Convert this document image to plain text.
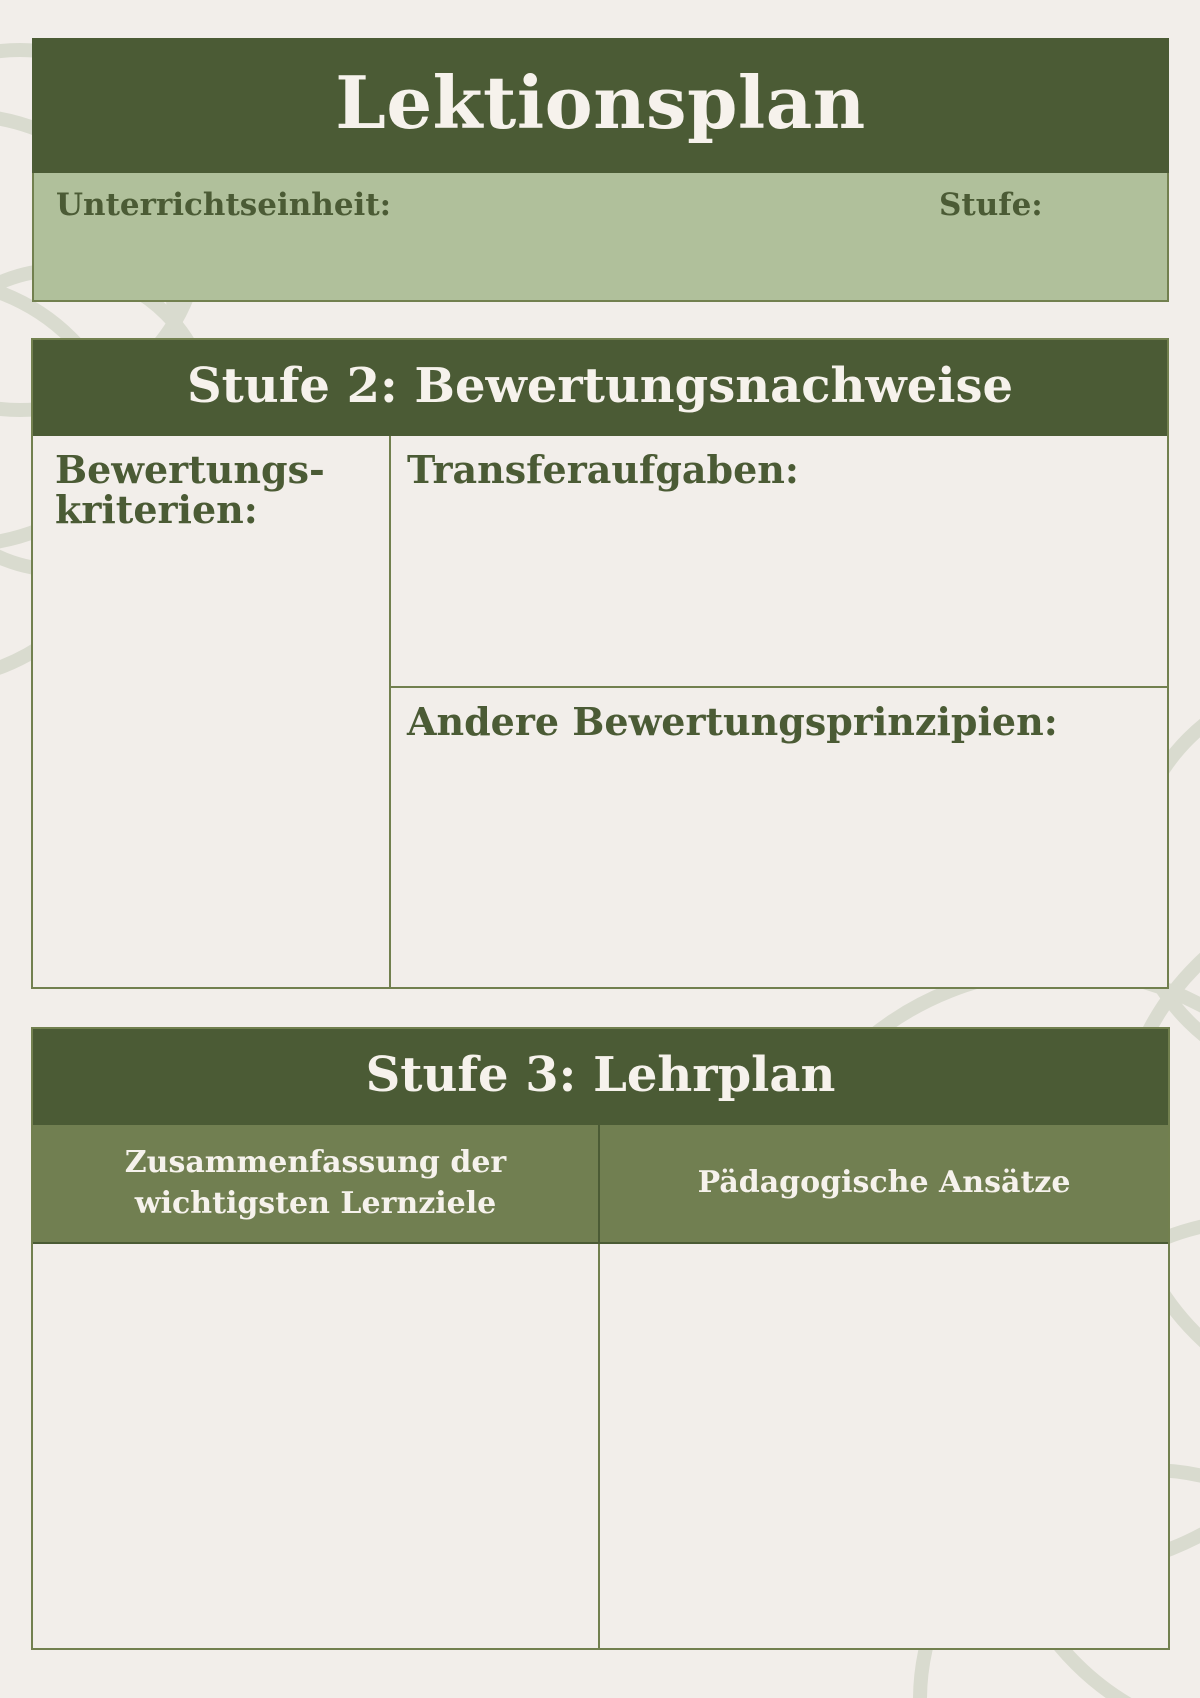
Lektionsplan
Unterrichtseinheit:	Stufe:
Stufe 2: Bewertungsnachweise
Bewertungs-
kriterien:
Transferaufgaben:
Andere Bewertungsprinzipien:
Stufe 3: Lehrplan
Zusammenfassung der
wichtigsten Lernziele
Pädagogische Ansätze
